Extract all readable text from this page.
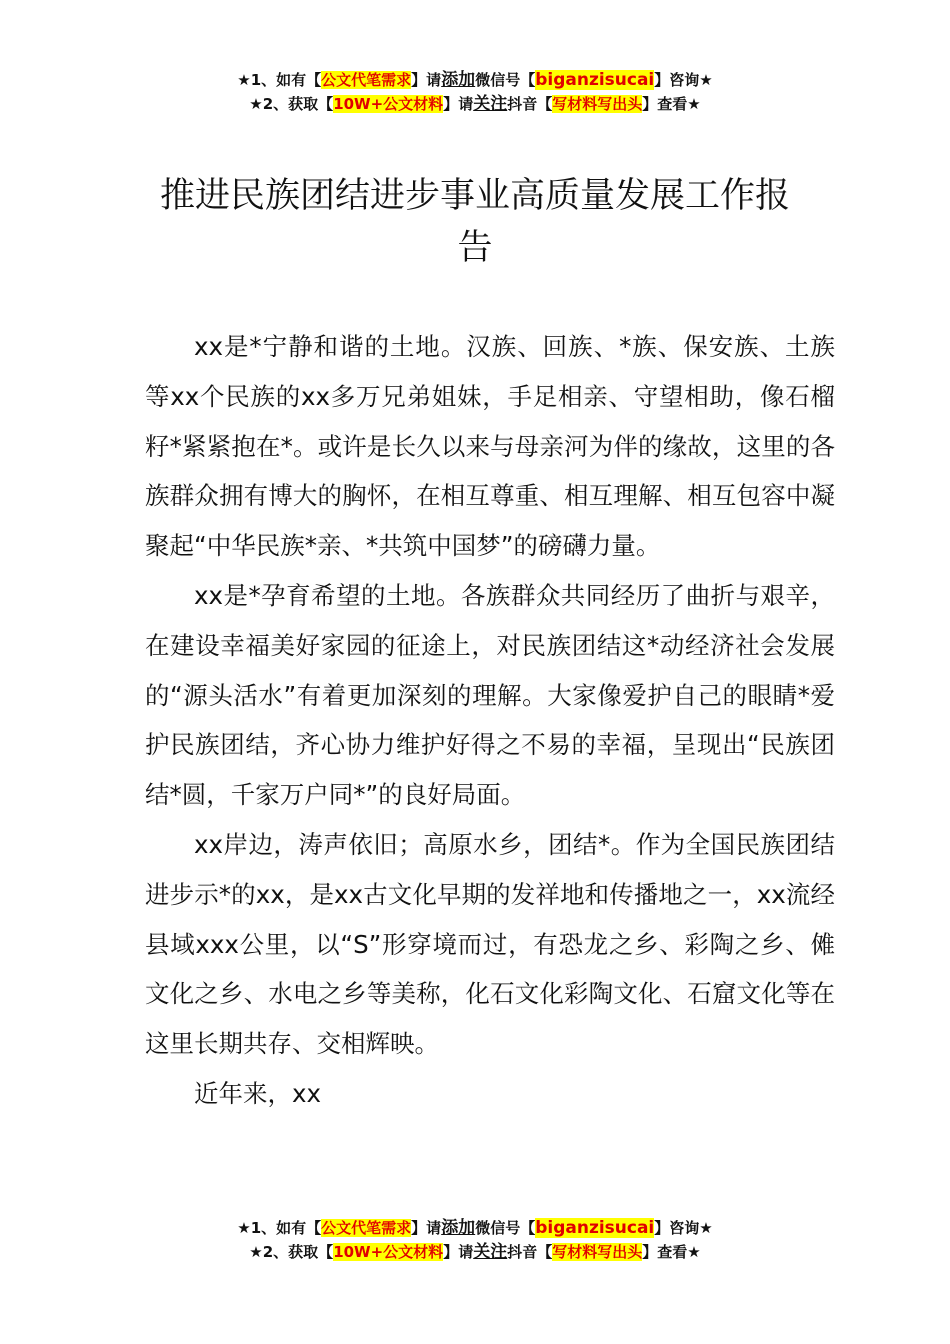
★1、如有【公文代笔需求】请添加微信号【biganzisucai】咨询★
★2、获取【10W+公文材料】请关注抖音【写材料写出头】查看★
推进民族团结进步事业高质量发展工作报
告

xx是*宁静和谐的土地。汉族、回族、*族、保安族、土族等xx个民族的xx多万兄弟姐妹，手足相亲、守望相助，像石榴籽*紧紧抱在*。或许是长久以来与母亲河为伴的缘故，这里的各族群众拥有博大的胸怀，在相互尊重、相互理解、相互包容中凝聚起“中华民族*亲、*共筑中国梦”的磅礴力量。

xx是*孕育希望的土地。各族群众共同经历了曲折与艰辛，在建设幸福美好家园的征途上，对民族团结这*动经济社会发展的“源头活水”有着更加深刻的理解。大家像爱护自己的眼睛*爱护民族团结，齐心协力维护好得之不易的幸福，呈现出“民族团结*圆，千家万户同*”的良好局面。

xx岸边，涛声依旧；高原水乡，团结*。作为全国民族团结进步示*的xx，是xx古文化早期的发祥地和传播地之一，xx流经县域xxx公里，以“S”形穿境而过，有恐龙之乡、彩陶之乡、傩文化之乡、水电之乡等美称，化石文化彩陶文化、石窟文化等在这里长期共存、交相辉映。

近年来，xx

★1、如有【公文代笔需求】请添加微信号【biganzisucai】咨询★
★2、获取【10W+公文材料】请关注抖音【写材料写出头】查看★
